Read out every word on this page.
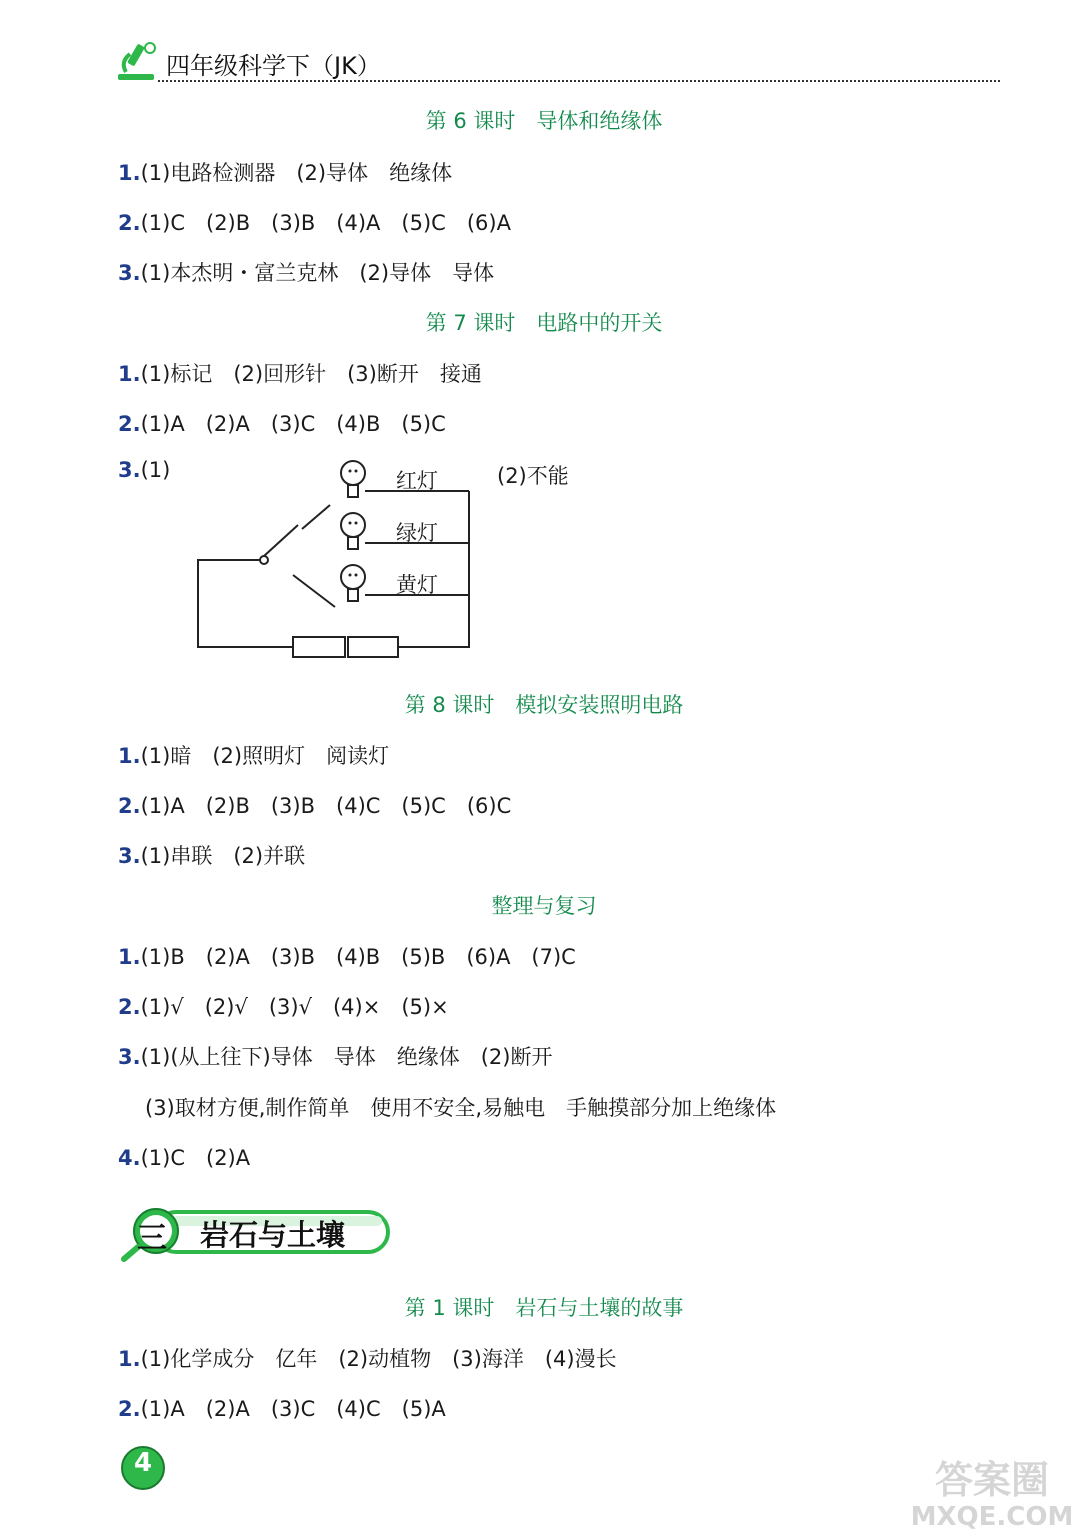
四年级科学下（JK）
第 6 课时　导体和绝缘体
1.(1)电路检测器　(2)导体　绝缘体
2.(1)C　(2)B　(3)B　(4)A　(5)C　(6)A
3.(1)本杰明・富兰克林　(2)导体　导体
第 7 课时　电路中的开关
1.(1)标记　(2)回形针　(3)断开　接通
2.(1)A　(2)A　(3)C　(4)B　(5)C
3.(1)	红灯
绿灯
黄灯
(2)不能
第 8 课时　模拟安装照明电路
1.(1)暗　(2)照明灯　阅读灯
2.(1)A　(2)B　(3)B　(4)C　(5)C　(6)C
3.(1)串联　(2)并联
整理与复习
1.(1)B　(2)A　(3)B　(4)B　(5)B　(6)A　(7)C
2.(1)√　(2)√　(3)√　(4)×　(5)×
3.(1)(从上往下)导体　导体　绝缘体　(2)断开
(3)取材方便,制作简单　使用不安全,易触电　手触摸部分加上绝缘体
4.(1)C　(2)A
三 岩石与土壤
第 1 课时　岩石与土壤的故事
1.(1)化学成分　亿年　(2)动植物　(3)海洋　(4)漫长
2.(1)A　(2)A　(3)C　(4)C　(5)A
4	答案圈
MXQE.COM
